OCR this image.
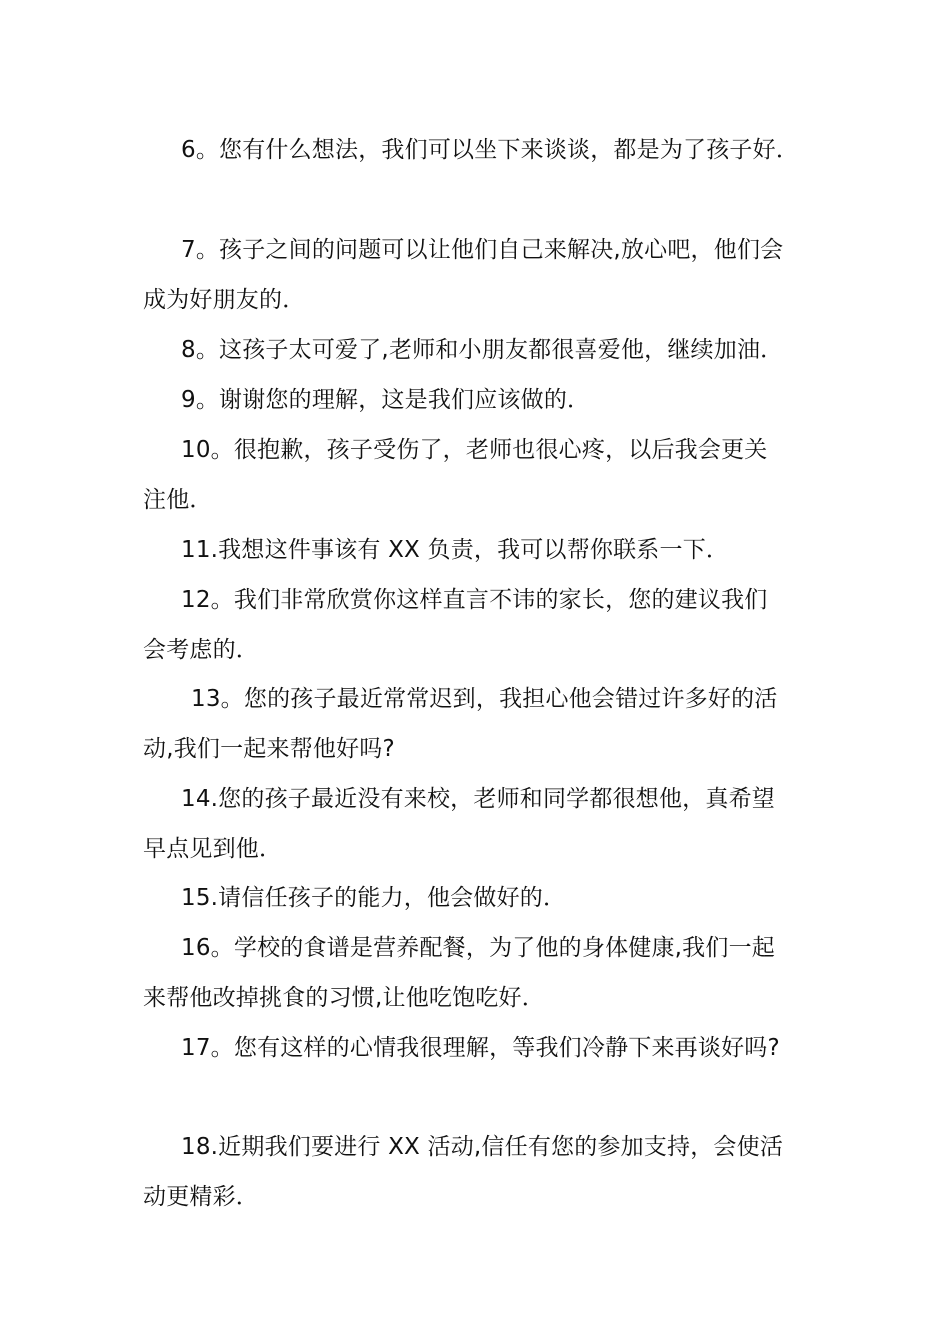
6。您有什么想法，我们可以坐下来谈谈，都是为了孩子好．
7。孩子之间的问题可以让他们自己来解决,放心吧，他们会
成为好朋友的．
8。这孩子太可爱了,老师和小朋友都很喜爱他，继续加油．
9。谢谢您的理解，这是我们应该做的．
10。很抱歉，孩子受伤了，老师也很心疼，以后我会更关
注他．
11.我想这件事该有 XX 负责，我可以帮你联系一下．
12。我们非常欣赏你这样直言不讳的家长，您的建议我们
会考虑的．
13。您的孩子最近常常迟到，我担心他会错过许多好的活
动,我们一起来帮他好吗?
14.您的孩子最近没有来校，老师和同学都很想他，真希望
早点见到他．
15.请信任孩子的能力，他会做好的．
16。学校的食谱是营养配餐，为了他的身体健康,我们一起
来帮他改掉挑食的习惯,让他吃饱吃好．
17。您有这样的心情我很理解，等我们冷静下来再谈好吗?
18.近期我们要进行 XX 活动,信任有您的参加支持，会使活
动更精彩．
